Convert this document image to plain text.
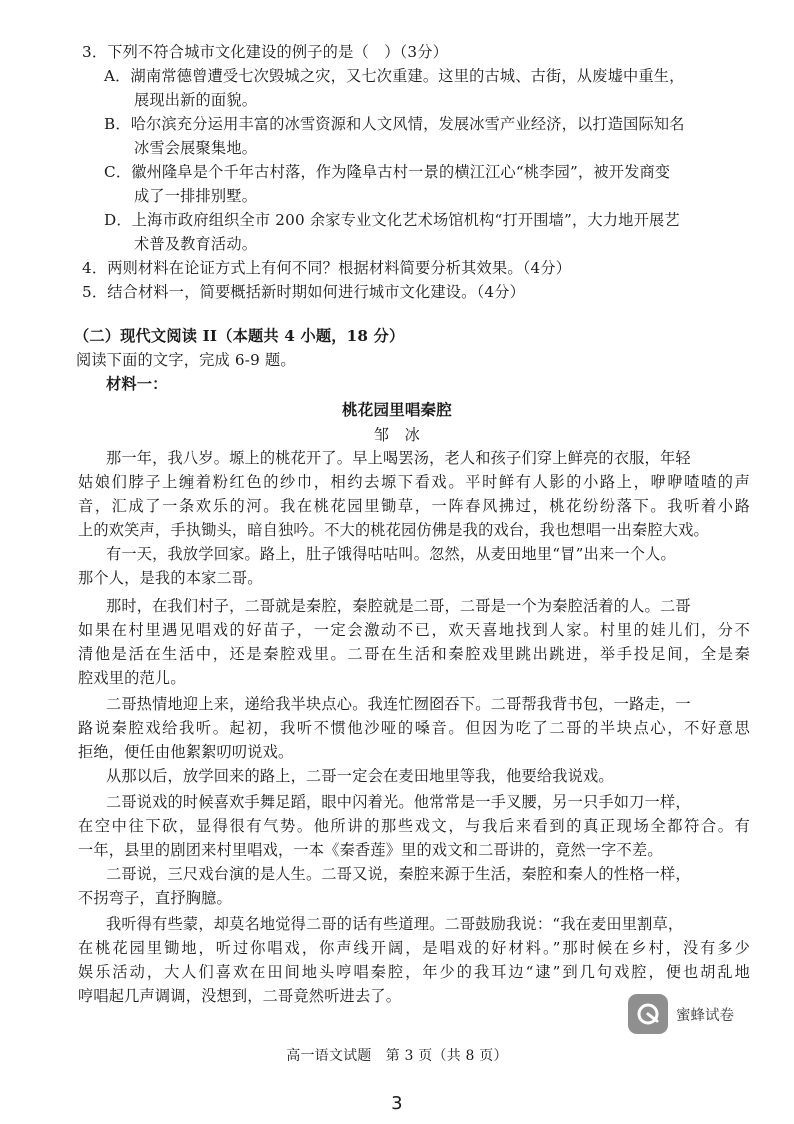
3．下列不符合城市文化建设的例子的是（　）（3分）
A．湖南常德曾遭受七次毁城之灾，又七次重建。这里的古城、古街，从废墟中重生，
展现出新的面貌。
B．哈尔滨充分运用丰富的冰雪资源和人文风情，发展冰雪产业经济，以打造国际知名
冰雪会展聚集地。
C．徽州隆阜是个千年古村落，作为隆阜古村一景的横江江心“桃李园”，被开发商变
成了一排排别墅。
D．上海市政府组织全市 200 余家专业文化艺术场馆机构“打开围墙”，大力地开展艺
术普及教育活动。
4．两则材料在论证方式上有何不同？根据材料简要分析其效果。（4分）
5．结合材料一，简要概括新时期如何进行城市文化建设。（4分）
（二）现代文阅读 II（本题共 4 小题，18 分）
阅读下面的文字，完成 6-9 题。
材料一：
桃花园里唱秦腔
邹　冰
那一年，我八岁。塬上的桃花开了。早上喝罢汤，老人和孩子们穿上鲜亮的衣服，年轻
姑娘们脖子上缠着粉红色的纱巾，相约去塬下看戏。平时鲜有人影的小路上，咿咿喳喳的声
音，汇成了一条欢乐的河。我在桃花园里锄草，一阵春风拂过，桃花纷纷落下。我听着小路
上的欢笑声，手执锄头，暗自独吟。不大的桃花园仿佛是我的戏台，我也想唱一出秦腔大戏。
有一天，我放学回家。路上，肚子饿得咕咕叫。忽然，从麦田地里“冒”出来一个人。
那个人，是我的本家二哥。
那时，在我们村子，二哥就是秦腔，秦腔就是二哥，二哥是一个为秦腔活着的人。二哥
如果在村里遇见唱戏的好苗子，一定会激动不已，欢天喜地找到人家。村里的娃儿们，分不
清他是活在生活中，还是秦腔戏里。二哥在生活和秦腔戏里跳出跳进，举手投足间，全是秦
腔戏里的范儿。
二哥热情地迎上来，递给我半块点心。我连忙囫囵吞下。二哥帮我背书包，一路走，一
路说秦腔戏给我听。起初，我听不惯他沙哑的嗓音。但因为吃了二哥的半块点心，不好意思
拒绝，便任由他絮絮叨叨说戏。
从那以后，放学回来的路上，二哥一定会在麦田地里等我，他要给我说戏。
二哥说戏的时候喜欢手舞足蹈，眼中闪着光。他常常是一手叉腰，另一只手如刀一样，
在空中往下砍，显得很有气势。他所讲的那些戏文，与我后来看到的真正现场全都符合。有
一年，县里的剧团来村里唱戏，一本《秦香莲》里的戏文和二哥讲的，竟然一字不差。
二哥说，三尺戏台演的是人生。二哥又说，秦腔来源于生活，秦腔和秦人的性格一样，
不拐弯子，直抒胸臆。
我听得有些蒙，却莫名地觉得二哥的话有些道理。二哥鼓励我说：“我在麦田里割草，
在桃花园里锄地，听过你唱戏，你声线开阔，是唱戏的好材料。”那时候在乡村，没有多少
娱乐活动，大人们喜欢在田间地头哼唱秦腔，年少的我耳边“逮”到几句戏腔，便也胡乱地
哼唱起几声调调，没想到，二哥竟然听进去了。
蜜蜂试卷
高一语文试题　第 3 页（共 8 页）
3
